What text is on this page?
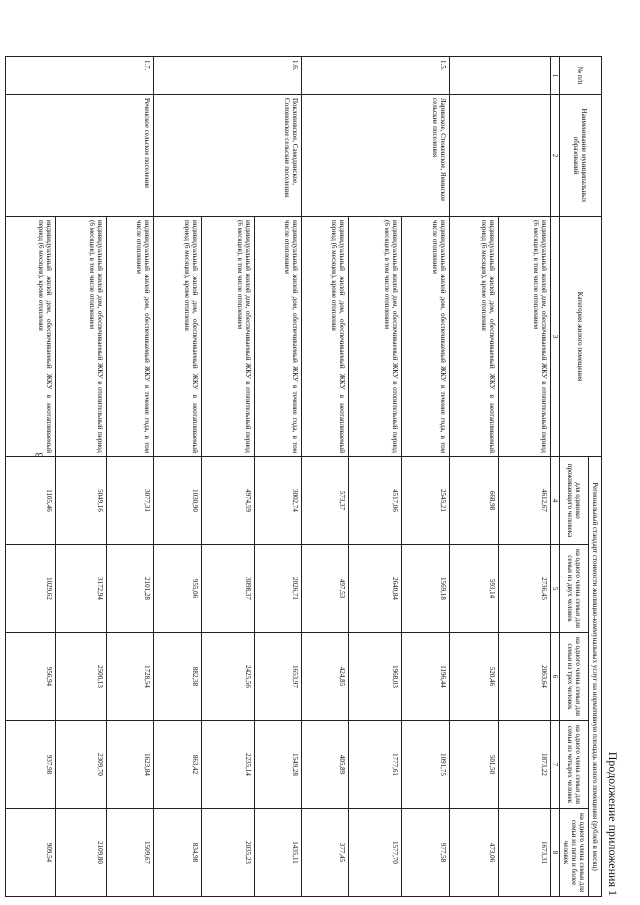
3
Продолжение приложения 1
№ п/п	Наименование муниципальных образований	Категория жилого помещения	Региональный стандарт стоимости жилищно-коммунальных услуг на нормативную площадь жилого помещения (рублей в месяц)				
			для одиноко проживающего человека	на одного члена семьи для семьи из двух человек	на одного члена семьи для семьи из трех человек	на одного члена семьи для семьи из четырех человек	на одного члена семьи для семьи из пяти и более человек
1	2	3	4	5	6	7	8
		индивидуальный жилой дом, обеспечиваемый ЖКУ в отопительный период (6 месяцев), в том числе отоплением	4612,67	2736,45	2063,64	1873,22	1673,31
		индивидуальный жилой дом, обеспечиваемый ЖКУ в неотапливаемый период (6 месяцев), кроме отопления	668,98	593,14	520,46	501,50	473,06
1.5.	Ларинское, Стеженское, Яминское сельские поселения	индивидуальный жилой дом, обеспечиваемый ЖКУ в течение года, в том числе отоплением	2545,21	1569,18	1196,44	1091,75	977,58
		индивидуальный жилой дом, обеспечиваемый ЖКУ в отопительный период (6 месяцев), в том числе отоплением	4517,06	2640,84	1968,03	1777,61	1577,70
		индивидуальный жилой дом, обеспечиваемый ЖКУ в неотапливаемый период (6 месяцев), кроме отопления	573,37	497,53	424,85	405,89	377,45
1.6.	Поклоновское, Самодинское, Солоновское сельские поселения	индивидуальный жилой дом, обеспечиваемый ЖКУ в течение года, в том числе отоплением	3002,74	2026,71	1653,97	1549,28	1435,11
		индивидуальный жилой дом, обеспечиваемый ЖКУ в отопительный период (6 месяцев), в том числе отоплением	4974,59	3098,37	2425,56	2235,14	2035,23
		индивидуальный жилой дом, обеспечиваемый ЖКУ в неотапливаемый период (6 месяцев), кроме отопления	1030,90	955,06	882,38	863,42	834,98
1.7.	Реченское сельское поселение	индивидуальный жилой дом, обеспечиваемый ЖКУ в течение года, в том числе отоплением	3077,31	2101,28	1728,54	1623,84	1509,67
		индивидуальный жилой дом, обеспечиваемый ЖКУ в отопительный период (6 месяцев), в том числе отоплением	5049,16	3172,94	2500,13	2309,70	2109,80
		индивидуальный жилой дом, обеспечиваемый ЖКУ в неотапливаемый период (6 месяцев), кроме отопления	1105,46	1029,62	956,94	937,98	909,54
